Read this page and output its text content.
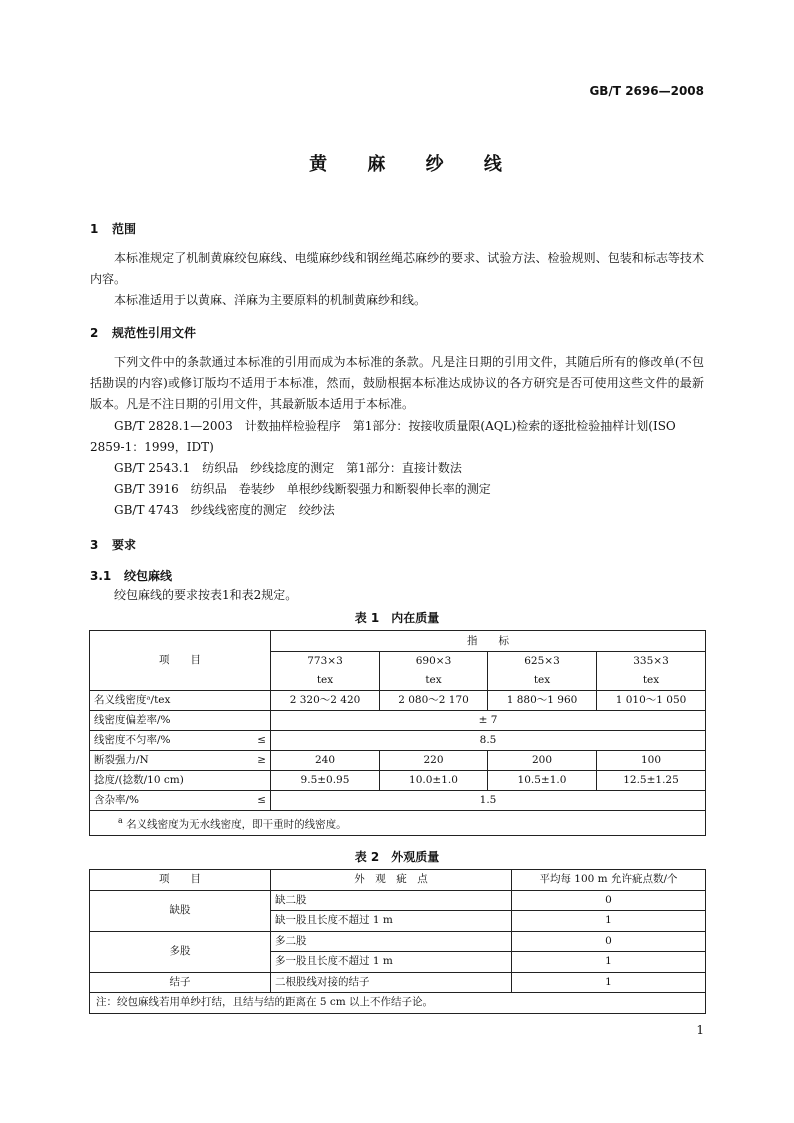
GB/T 2696—2008
黄 麻 纱 线
1 范围
本标准规定了机制黄麻绞包麻线、电缆麻纱线和钢丝绳芯麻纱的要求、试验方法、检验规则、包装和标志等技术内容。
本标准适用于以黄麻、洋麻为主要原料的机制黄麻纱和线。
2 规范性引用文件
下列文件中的条款通过本标准的引用而成为本标准的条款。凡是注日期的引用文件，其随后所有的修改单(不包括勘误的内容)或修订版均不适用于本标准，然而，鼓励根据本标准达成协议的各方研究是否可使用这些文件的最新版本。凡是不注日期的引用文件，其最新版本适用于本标准。
GB/T 2828.1—2003　计数抽样检验程序　第1部分：按接收质量限(AQL)检索的逐批检验抽样计划(ISO 2859-1：1999，IDT)
GB/T 2543.1　纺织品　纱线捻度的测定　第1部分：直接计数法
GB/T 3916　纺织品　卷装纱　单根纱线断裂强力和断裂伸长率的测定
GB/T 4743　纱线线密度的测定　绞纱法
3 要求
3.1 绞包麻线
绞包麻线的要求按表1和表2规定。
表 1　内在质量
项　　目	指　　标			
	773×3	690×3	625×3	335×3
	tex	tex	tex	tex
名义线密度ᵃ/tex	2 320～2 420	2 080～2 170	1 880～1 960	1 010～1 050
线密度偏差率/%	± 7			
线密度不匀率/% ≤	8.5			
断裂强力/N ≥	240	220	200	100
捻度/(捻数/10 cm)	9.5±0.95	10.0±1.0	10.5±1.0	12.5±1.25
含杂率/% ≤	1.5			
$^a$ 名义线密度为无水线密度，即干重时的线密度。				
表 2　外观质量
项　　目	外　观　疵　点	平均每 100 m 允许疵点数/个
缺股	缺二股	0
	缺一股且长度不超过 1 m	1
多股	多二股	0
	多一股且长度不超过 1 m	1
结子	二根股线对接的结子	1
注：绞包麻线若用单纱打结，且结与结的距离在 5 cm 以上不作结子论。		
1
